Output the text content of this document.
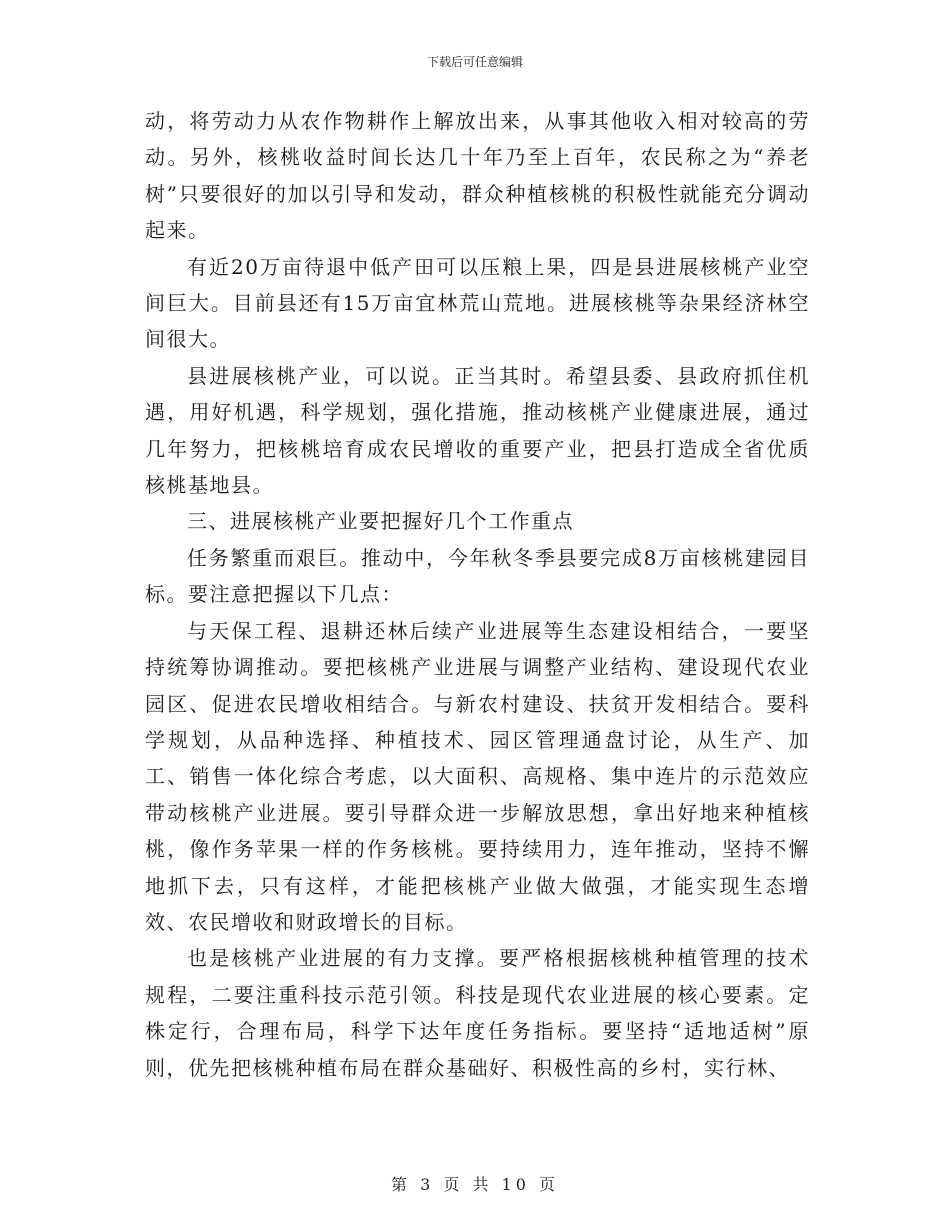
下载后可任意编辑

动，将劳动力从农作物耕作上解放出来，从事其他收入相对较高的劳动。另外，核桃收益时间长达几十年乃至上百年，农民称之为“养老树”只要很好的加以引导和发动，群众种植核桃的积极性就能充分调动起来。

有近20万亩待退中低产田可以压粮上果，四是县进展核桃产业空间巨大。目前县还有15万亩宜林荒山荒地。进展核桃等杂果经济林空间很大。

县进展核桃产业，可以说。正当其时。希望县委、县政府抓住机遇，用好机遇，科学规划，强化措施，推动核桃产业健康进展，通过几年努力，把核桃培育成农民增收的重要产业，把县打造成全省优质核桃基地县。

三、进展核桃产业要把握好几个工作重点

任务繁重而艰巨。推动中，今年秋冬季县要完成8万亩核桃建园目标。要注意把握以下几点：

与天保工程、退耕还林后续产业进展等生态建设相结合，一要坚持统筹协调推动。要把核桃产业进展与调整产业结构、建设现代农业园区、促进农民增收相结合。与新农村建设、扶贫开发相结合。要科学规划，从品种选择、种植技术、园区管理通盘讨论，从生产、加工、销售一体化综合考虑，以大面积、高规格、集中连片的示范效应带动核桃产业进展。要引导群众进一步解放思想，拿出好地来种植核桃，像作务苹果一样的作务核桃。要持续用力，连年推动，坚持不懈地抓下去，只有这样，才能把核桃产业做大做强，才能实现生态增效、农民增收和财政增长的目标。

也是核桃产业进展的有力支撑。要严格根据核桃种植管理的技术规程，二要注重科技示范引领。科技是现代农业进展的核心要素。定株定行，合理布局，科学下达年度任务指标。要坚持“适地适树”原则，优先把核桃种植布局在群众基础好、积极性高的乡村，实行林、

第 3 页 共 10 页
